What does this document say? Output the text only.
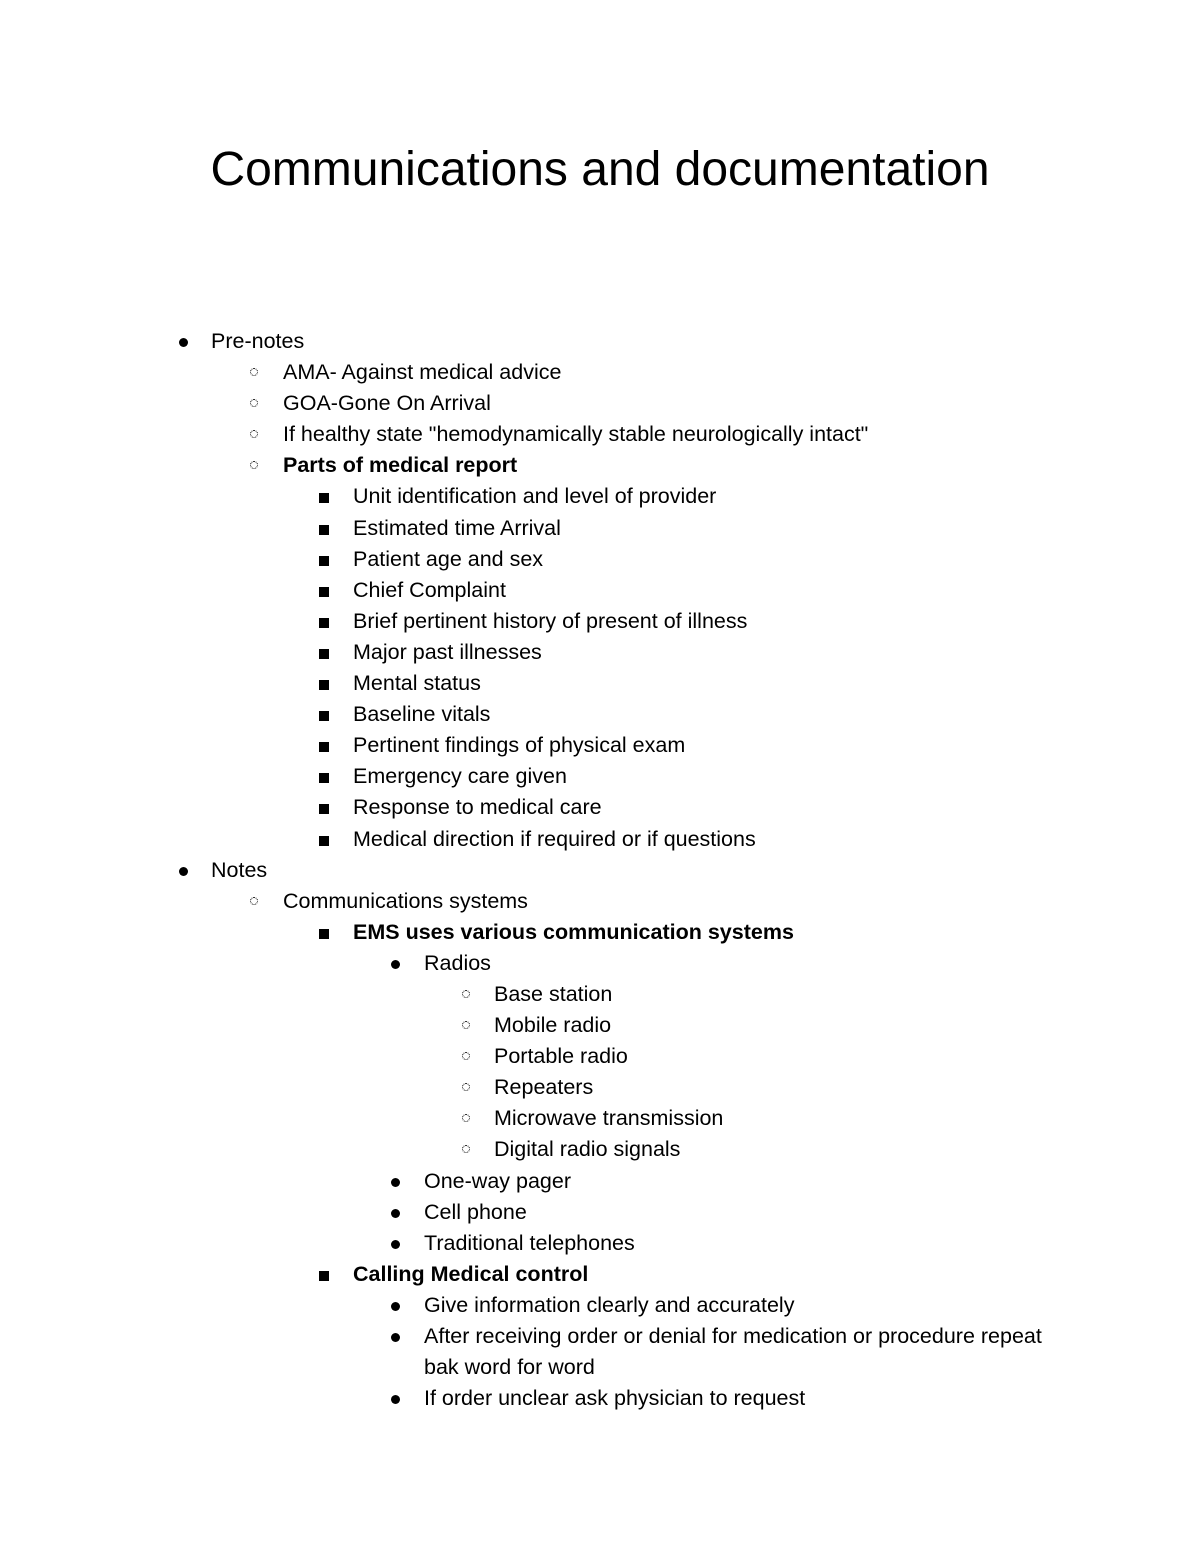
Communications and documentation
Pre-notes
AMA- Against medical advice
GOA-Gone On Arrival
If healthy state "hemodynamically stable neurologically intact"
Parts of medical report
Unit identification and level of provider
Estimated time Arrival
Patient age and sex
Chief Complaint
Brief pertinent history of present of illness
Major past illnesses
Mental status
Baseline vitals
Pertinent findings of physical exam
Emergency care given
Response to medical care
Medical direction if required or if questions
Notes
Communications systems
EMS uses various communication systems
Radios
Base station
Mobile radio
Portable radio
Repeaters
Microwave transmission
Digital radio signals
One-way pager
Cell phone
Traditional telephones
Calling Medical control
Give information clearly and accurately
After receiving order or denial for medication or procedure repeat bak word for word
If order unclear ask physician to request
